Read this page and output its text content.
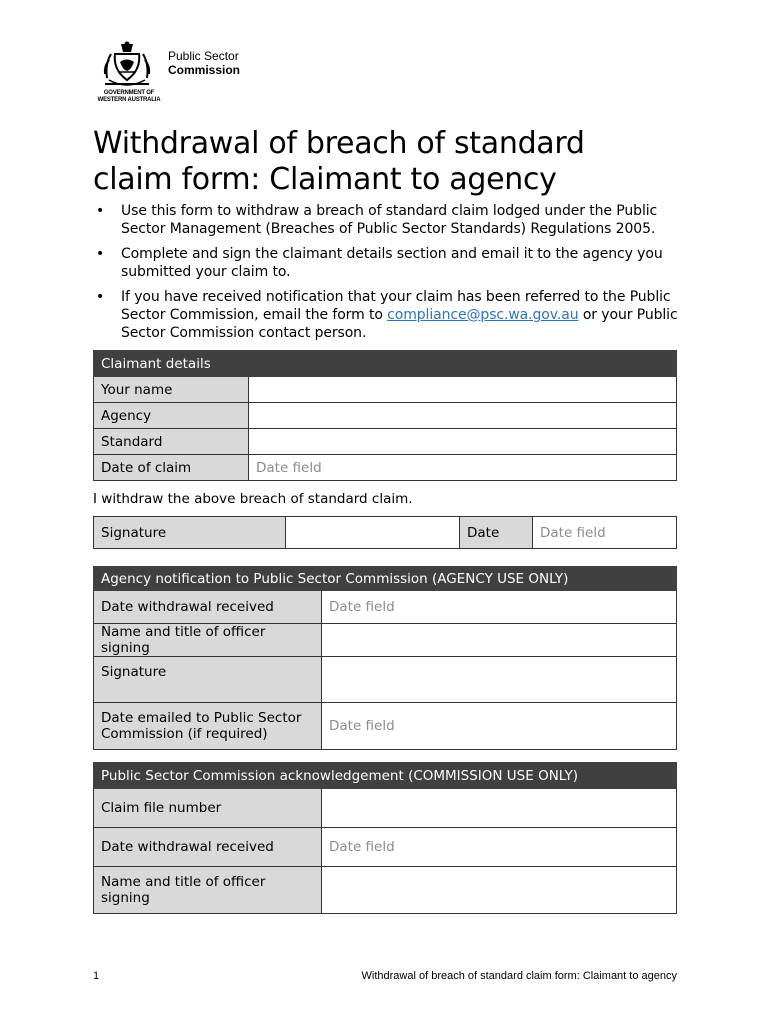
GOVERNMENT OF
WESTERN AUSTRALIA
Public Sector
Commission
Withdrawal of breach of standard
claim form: Claimant to agency
• Use this form to withdraw a breach of standard claim lodged under the Public Sector Management (Breaches of Public Sector Standards) Regulations 2005.
• Complete and sign the claimant details section and email it to the agency you submitted your claim to.
• If you have received notification that your claim has been referred to the Public Sector Commission, email the form to compliance@psc.wa.gov.au or your Public Sector Commission contact person.
Claimant details	
Your name	
Agency	
Standard	
Date of claim	Date field
I withdraw the above breach of standard claim.
Signature		Date	Date field
Agency notification to Public Sector Commission (AGENCY USE ONLY)	
Date withdrawal received	Date field
Name and title of officer signing	
Signature	
Date emailed to Public Sector Commission (if required)	Date field
Public Sector Commission acknowledgement (COMMISSION USE ONLY)	
Claim file number	
Date withdrawal received	Date field
Name and title of officer signing	
1	Withdrawal of breach of standard claim form: Claimant to agency
